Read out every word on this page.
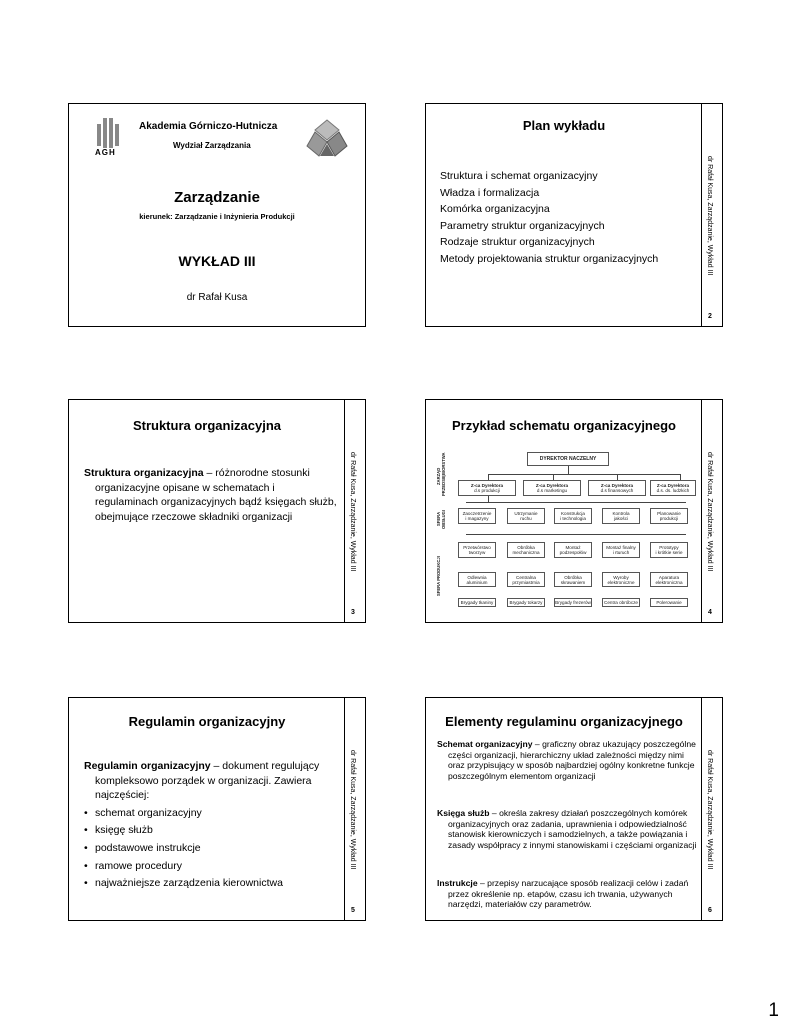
AGH
Akademia Górniczo-Hutnicza
Wydział Zarządzania
Zarządzanie
kierunek: Zarządzanie i Inżynieria Produkcji
WYKŁAD III
dr Rafał Kusa
Plan wykładu
Struktura i schemat organizacyjny
Władza i formalizacja
Komórka organizacyjna
Parametry struktur organizacyjnych
Rodzaje struktur organizacyjnych
Metody projektowania struktur organizacyjnych	dr Rafał Kusa, Zarządzanie, Wykład III
2
Struktura organizacyjna
Struktura organizacyjna – różnorodne stosunki organizacyjne opisane w schematach i regulaminach organizacyjnych bądź księgach służb, obejmujące rzeczowe składniki organizacji	dr Rafał Kusa, Zarządzanie, Wykład III
3
Przykład schematu organizacyjnego
ZARZĄD PRZEDSIĘBIORSTWA
SFERA OBSŁUGI
SFERA PRODUKCJI
DYREKTOR NACZELNY
Z-ca Dyrektora
d.s produkcji
Z-ca Dyrektora
d.s marketingu
Z-ca Dyrektora
d.s finansowych
Z-ca Dyrektora
d.s. ds. ludzkich
Zaoczetrzenie
i magazyny
Utrzymanie
ruchu
Konstrukcja
i technologia
Kontrola
jakości
Planowanie
produkcji
Przetwórstwo
tworzyw
Obróbka
mechaniczna
Montaż
podzespołów
Montaż finalny
i rturuch
Prototypy
i krótkie serie
Odlewnia
aluminium
Centralna
przymiastrnia
Obróbka
skrawaniem
Wyroby
elektroniczne
Aparatura
elektroniczna
Brygady tkaniny	Brygady tokarzy	Brygady frezerów	Centra obróbcze	Polerowanie
dr Rafał Kusa, Zarządzanie, Wykład III
4
Regulamin organizacyjny
Regulamin organizacyjny – dokument regulujący kompleksowo porządek w organizacji. Zawiera najczęściej:
• schemat organizacyjny
• księgę służb
• podstawowe instrukcje
• ramowe procedury
• najważniejsze zarządzenia kierownictwa
dr Rafał Kusa, Zarządzanie, Wykład III
5
Elementy regulaminu organizacyjnego
Schemat organizacyjny – graficzny obraz ukazujący poszczególne części organizacji, hierarchiczny układ zależności między nimi oraz przypisujący w sposób najbardziej ogólny konkretne funkcje poszczególnym elementom organizacji
Księga służb – określa zakresy działań poszczególnych komórek organizacyjnych oraz zadania, uprawnienia i odpowiedzialność stanowisk kierowniczych i samodzielnych, a także powiązania i zasady współpracy z innymi stanowiskami i częściami organizacji
Instrukcje – przepisy narzucające sposób realizacji celów i zadań przez określenie np. etapów, czasu ich trwania, używanych narzędzi, materiałów czy parametrów.
dr Rafał Kusa, Zarządzanie, Wykład III
6
1
